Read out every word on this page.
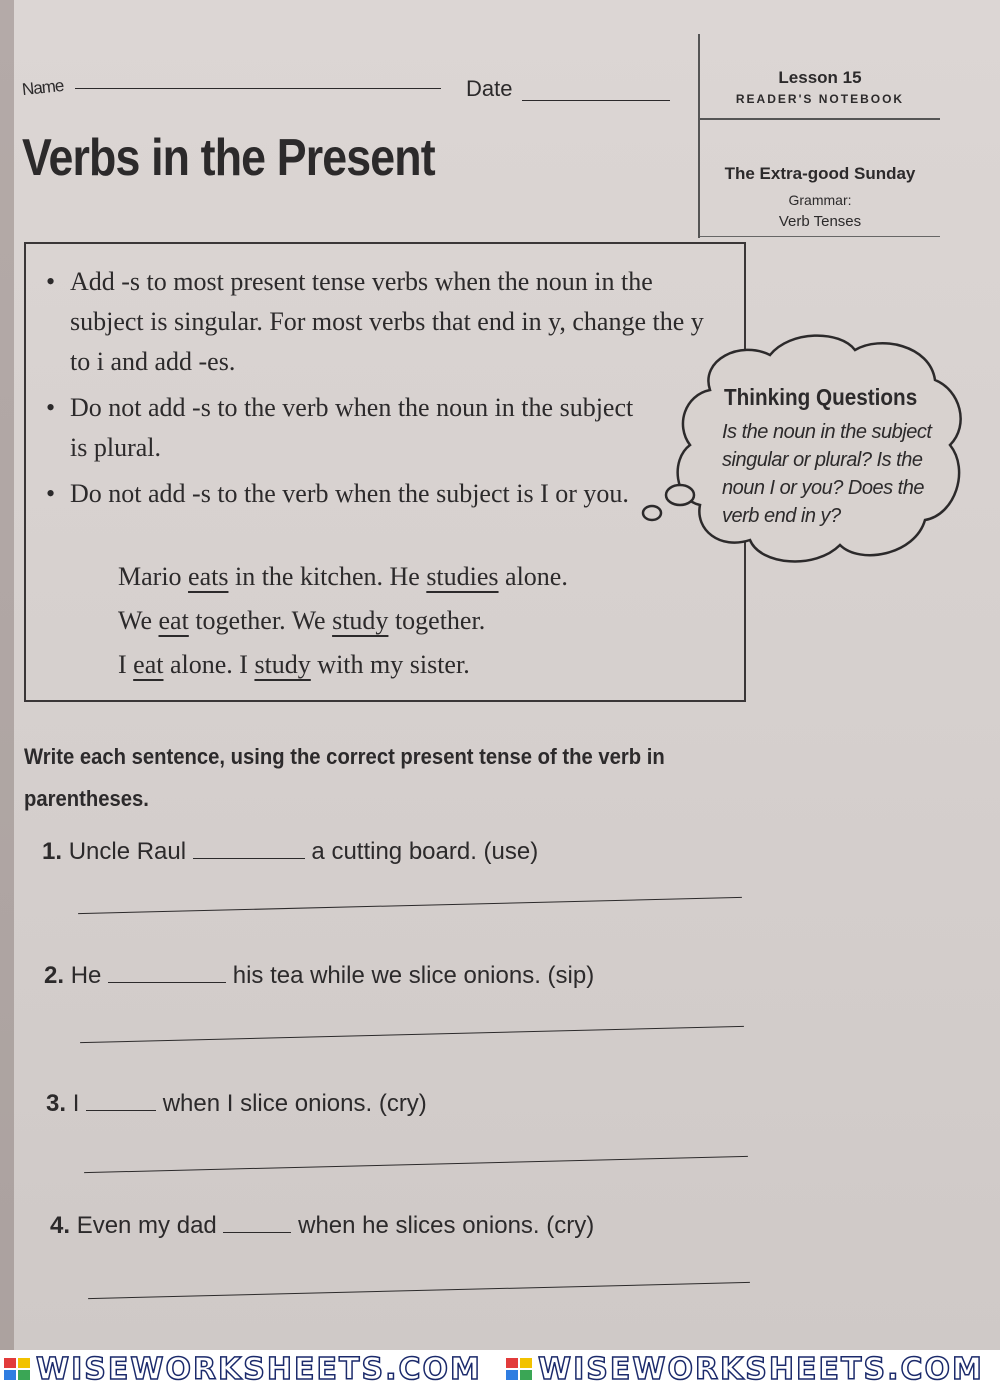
Name	Date
Verbs in the Present
Lesson 15
READER'S NOTEBOOK
The Extra-good Sunday
Grammar:
Verb Tenses
• Add -s to most present tense verbs when the noun in the subject is singular. For most verbs that end in y, change the y to i and add -es.
• Do not add -s to the verb when the noun in the subject is plural.
• Do not add -s to the verb when the subject is I or you.
Mario eats in the kitchen. He studies alone.
We eat together. We study together.
I eat alone. I study with my sister.
Thinking Questions
Is the noun in the subject singular or plural? Is the noun I or you? Does the verb end in y?
Write each sentence, using the correct present tense of the verb in parentheses.
1. Uncle Raul	a cutting board. (use)
2. He	his tea while we slice onions. (sip)
3. I	when I slice onions. (cry)
4. Even my dad	when he slices onions. (cry)
WISEWORKSHEETS.COM WISEWORKSHEETS.COM
